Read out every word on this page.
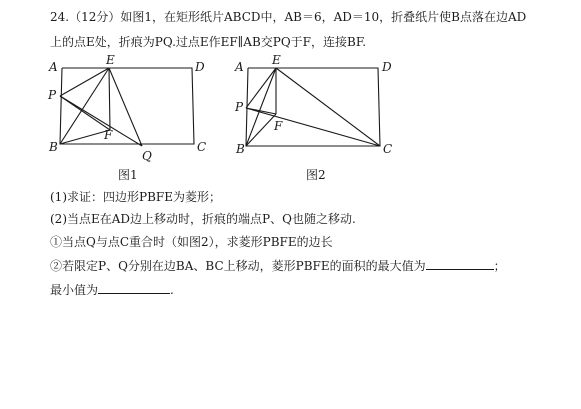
24.（12分）如图1，在矩形纸片ABCD中，AB＝6，AD＝10，折叠纸片使B点落在边AD
上的点E处，折痕为PQ.过点E作EF∥AB交PQ于F，连接BF.
A	E	D
P
F
B
Q
C
图1
A E	D
P
F
B	C
图2
(1)求证：四边形PBFE为菱形；
(2)当点E在AD边上移动时，折痕的端点P、Q也随之移动.
①当点Q与点C重合时（如图2），求菱形PBFE的边长
②若限定P、Q分别在边BA、BC上移动，菱形PBFE的面积的最大值为	；
最小值为	.
